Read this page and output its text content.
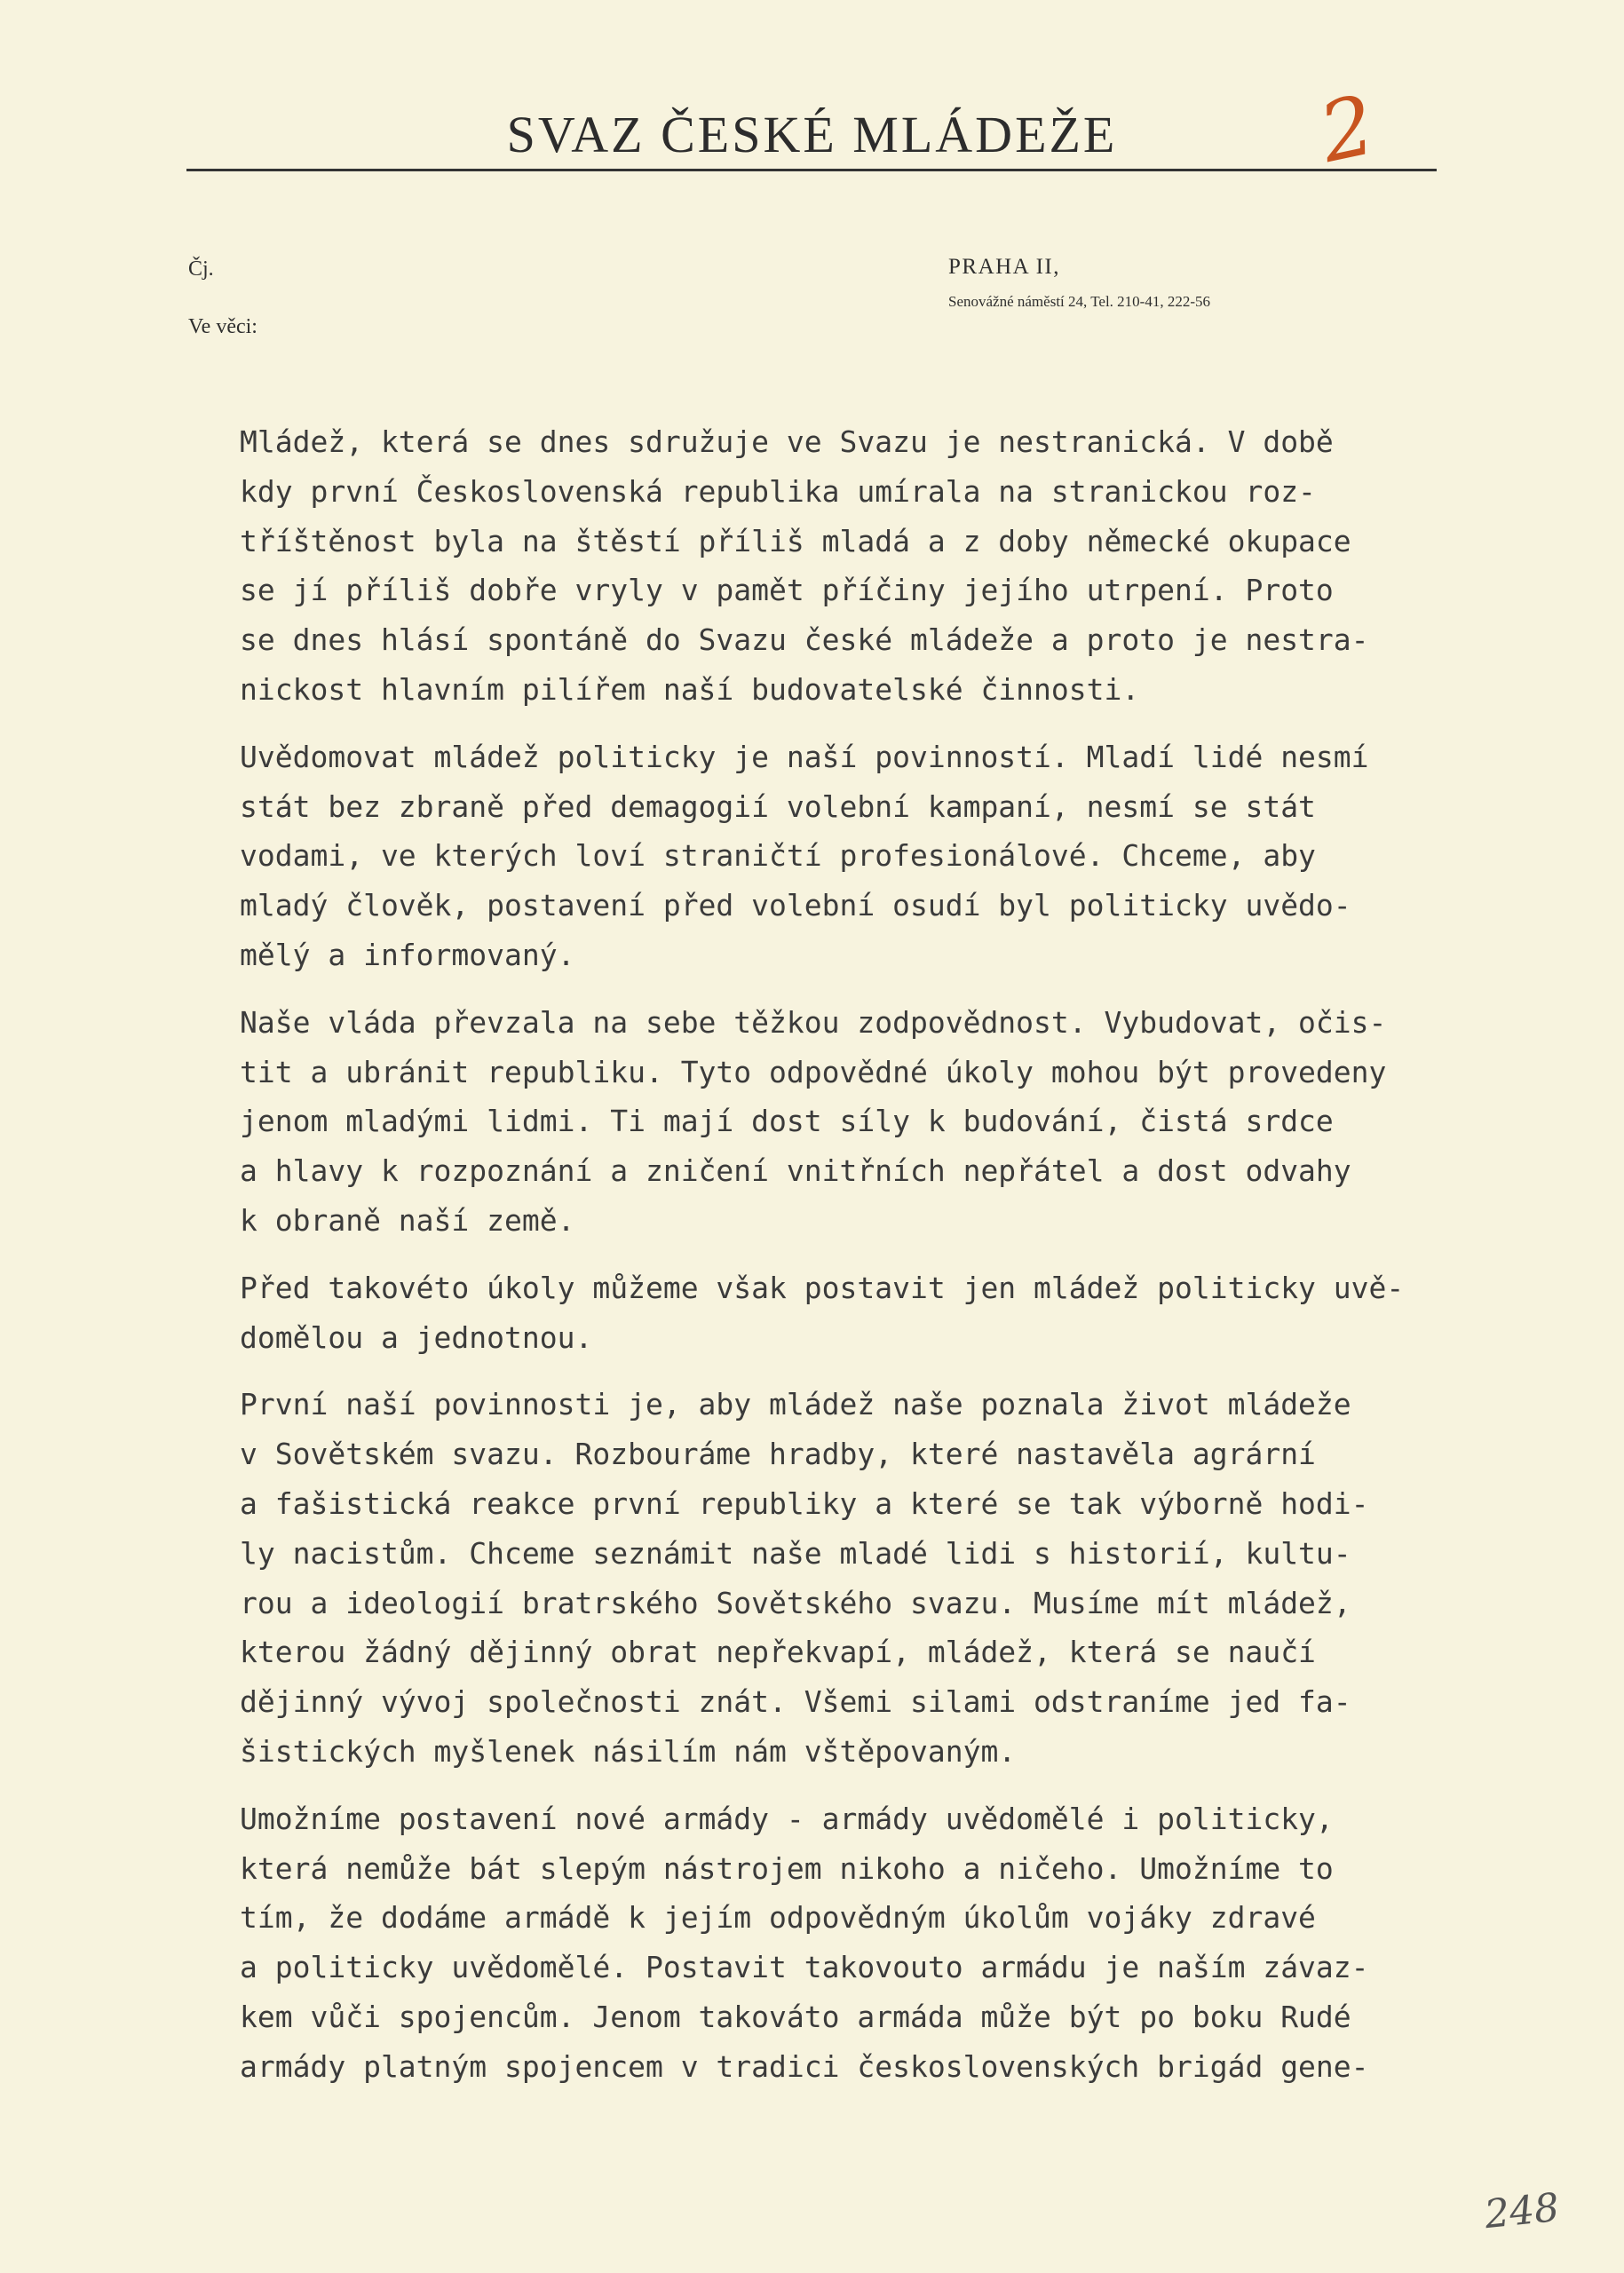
SVAZ ČESKÉ MLÁDEŽE	2
Čj.
Ve věci:
PRAHA II,
Senovážné náměstí 24, Tel. 210-41, 222-56
Mládež, která se dnes sdružuje ve Svazu je nestranická. V době
kdy první Československá republika umírala na stranickou roz-
tříštěnost byla na štěstí příliš mladá a z doby německé okupace
se jí příliš dobře vryly v pamět příčiny jejího utrpení. Proto
se dnes hlásí spontáně do Svazu české mládeže a proto je nestra-
nickost hlavním pilířem naší budovatelské činnosti.
Uvědomovat mládež politicky je naší povinností. Mladí lidé nesmí
stát bez zbraně před demagogií volební kampaní, nesmí se stát
vodami, ve kterých loví straničtí profesionálové. Chceme, aby
mladý člověk, postavení před volební osudí byl politicky uvědo-
mělý a informovaný.
Naše vláda převzala na sebe těžkou zodpovědnost. Vybudovat, očis-
tit a ubránit republiku. Tyto odpovědné úkoly mohou být provedeny
jenom mladými lidmi. Ti mají dost síly k budování, čistá srdce
a hlavy k rozpoznání a zničení vnitřních nepřátel a dost odvahy
k obraně naší země.
Před takovéto úkoly můžeme však postavit jen mládež politicky uvě-
domělou a jednotnou.
První naší povinnosti je, aby mládež naše poznala život mládeže
v Sovětském svazu. Rozbouráme hradby, které nastavěla agrární
a fašistická reakce první republiky a které se tak výborně hodi-
ly nacistům. Chceme seznámit naše mladé lidi s historií, kultu-
rou a ideologií bratrského Sovětského svazu. Musíme mít mládež,
kterou žádný dějinný obrat nepřekvapí, mládež, která se naučí
dějinný vývoj společnosti znát. Všemi silami odstraníme jed fa-
šistických myšlenek násilím nám vštěpovaným.
Umožníme postavení nové armády - armády uvědomělé i politicky,
která nemůže bát slepým nástrojem nikoho a ničeho. Umožníme to
tím, že dodáme armádě k jejím odpovědným úkolům vojáky zdravé
a politicky uvědomělé. Postavit takovouto armádu je naším závaz-
kem vůči spojencům. Jenom takováto armáda může být po boku Rudé
armády platným spojencem v tradici československých brigád gene-
248
